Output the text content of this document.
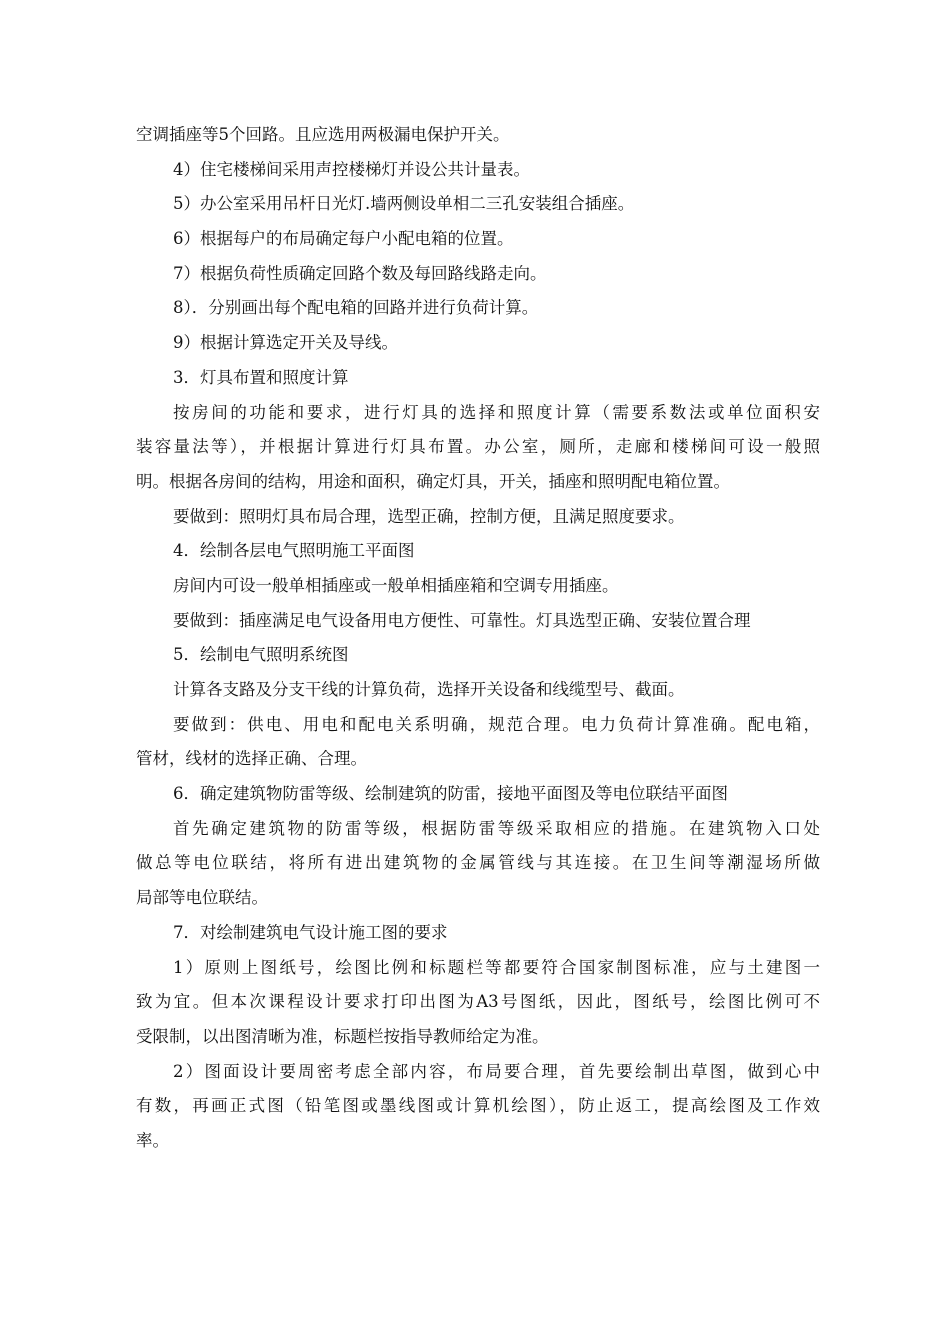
空调插座等5个回路。且应选用两极漏电保护开关。
4）住宅楼梯间采用声控楼梯灯并设公共计量表。
5）办公室采用吊杆日光灯.墙两侧设单相二三孔安装组合插座。
6）根据每户的布局确定每户小配电箱的位置。
7）根据负荷性质确定回路个数及每回路线路走向。
8）．分别画出每个配电箱的回路并进行负荷计算。
9）根据计算选定开关及导线。
3．灯具布置和照度计算
按房间的功能和要求，进行灯具的选择和照度计算（需要系数法或单位面积安
装容量法等），并根据计算进行灯具布置。办公室，厕所，走廊和楼梯间可设一般照
明。根据各房间的结构，用途和面积，确定灯具，开关，插座和照明配电箱位置。
要做到：照明灯具布局合理，选型正确，控制方便，且满足照度要求。
4．绘制各层电气照明施工平面图
房间内可设一般单相插座或一般单相插座箱和空调专用插座。
要做到：插座满足电气设备用电方便性、可靠性。灯具选型正确、安装位置合理
5．绘制电气照明系统图
计算各支路及分支干线的计算负荷，选择开关设备和线缆型号、截面。
要做到：供电、用电和配电关系明确，规范合理。电力负荷计算准确。配电箱，
管材，线材的选择正确、合理。
6．确定建筑物防雷等级、绘制建筑的防雷，接地平面图及等电位联结平面图
首先确定建筑物的防雷等级，根据防雷等级采取相应的措施。在建筑物入口处
做总等电位联结，将所有进出建筑物的金属管线与其连接。在卫生间等潮湿场所做
局部等电位联结。
7．对绘制建筑电气设计施工图的要求
1）原则上图纸号，绘图比例和标题栏等都要符合国家制图标准，应与土建图一
致为宜。但本次课程设计要求打印出图为A3号图纸，因此，图纸号，绘图比例可不
受限制，以出图清晰为准，标题栏按指导教师给定为准。
2）图面设计要周密考虑全部内容，布局要合理，首先要绘制出草图，做到心中
有数，再画正式图（铅笔图或墨线图或计算机绘图），防止返工，提高绘图及工作效
率。
